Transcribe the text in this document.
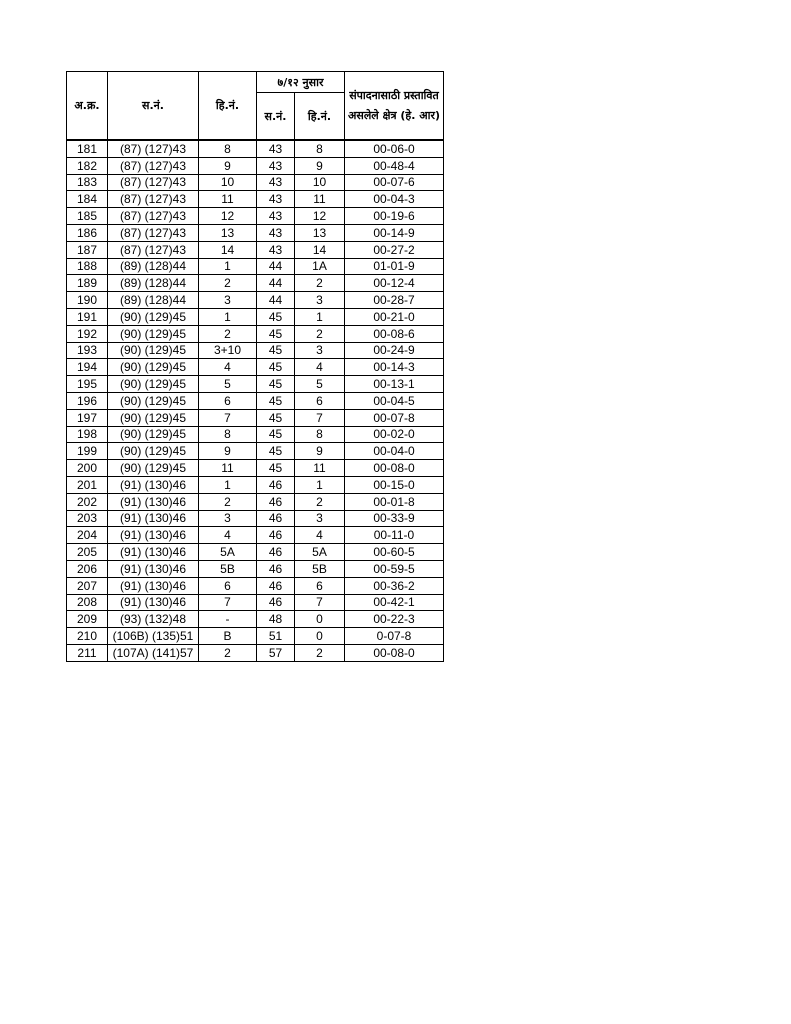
अ.क्र.	स.नं.	हि.नं.	७/१२ नुसार		संपादनासाठी प्रस्तावित असलेले क्षेत्र (हे. आर)
			स.नं.	हि.नं.	
181	(87) (127)43	8	43	8	00-06-0
182	(87) (127)43	9	43	9	00-48-4
183	(87) (127)43	10	43	10	00-07-6
184	(87) (127)43	11	43	11	00-04-3
185	(87) (127)43	12	43	12	00-19-6
186	(87) (127)43	13	43	13	00-14-9
187	(87) (127)43	14	43	14	00-27-2
188	(89) (128)44	1	44	1A	01-01-9
189	(89) (128)44	2	44	2	00-12-4
190	(89) (128)44	3	44	3	00-28-7
191	(90) (129)45	1	45	1	00-21-0
192	(90) (129)45	2	45	2	00-08-6
193	(90) (129)45	3+10	45	3	00-24-9
194	(90) (129)45	4	45	4	00-14-3
195	(90) (129)45	5	45	5	00-13-1
196	(90) (129)45	6	45	6	00-04-5
197	(90) (129)45	7	45	7	00-07-8
198	(90) (129)45	8	45	8	00-02-0
199	(90) (129)45	9	45	9	00-04-0
200	(90) (129)45	11	45	11	00-08-0
201	(91) (130)46	1	46	1	00-15-0
202	(91) (130)46	2	46	2	00-01-8
203	(91) (130)46	3	46	3	00-33-9
204	(91) (130)46	4	46	4	00-11-0
205	(91) (130)46	5A	46	5A	00-60-5
206	(91) (130)46	5B	46	5B	00-59-5
207	(91) (130)46	6	46	6	00-36-2
208	(91) (130)46	7	46	7	00-42-1
209	(93) (132)48	-	48	0	00-22-3
210	(106B) (135)51	B	51	0	0-07-8
211	(107A) (141)57	2	57	2	00-08-0
